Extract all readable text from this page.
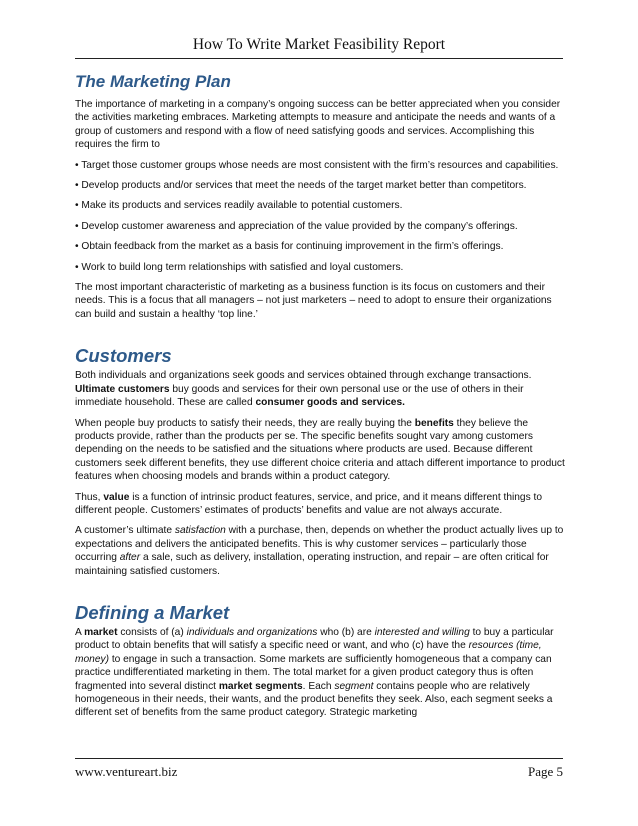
How To Write Market Feasibility Report
The Marketing Plan

The importance of marketing in a company’s ongoing success can be better appreciated when you consider the activities marketing embraces. Marketing attempts to measure and anticipate the needs and wants of a group of customers and respond with a flow of need satisfying goods and services. Accomplishing this requires the firm to

• Target those customer groups whose needs are most consistent with the firm’s resources and capabilities.

• Develop products and/or services that meet the needs of the target market better than competitors.

• Make its products and services readily available to potential customers.

• Develop customer awareness and appreciation of the value provided by the company’s offerings.

• Obtain feedback from the market as a basis for continuing improvement in the firm’s offerings.

• Work to build long term relationships with satisfied and loyal customers.

The most important characteristic of marketing as a business function is its focus on customers and their needs. This is a focus that all managers – not just marketers – need to adopt to ensure their organizations can build and sustain a healthy ‘top line.’

Customers

Both individuals and organizations seek goods and services obtained through exchange transactions. Ultimate customers buy goods and services for their own personal use or the use of others in their immediate household. These are called consumer goods and services.

When people buy products to satisfy their needs, they are really buying the benefits they believe the products provide, rather than the products per se. The specific benefits sought vary among customers depending on the needs to be satisfied and the situations where products are used. Because different customers seek different benefits, they use different choice criteria and attach different importance to product features when choosing models and brands within a product category.

Thus, value is a function of intrinsic product features, service, and price, and it means different things to different people. Customers’ estimates of products’ benefits and value are not always accurate.

A customer’s ultimate satisfaction with a purchase, then, depends on whether the product actually lives up to expectations and delivers the anticipated benefits. This is why customer services – particularly those occurring after a sale, such as delivery, installation, operating instruction, and repair – are often critical for maintaining satisfied customers.

Defining a Market

A market consists of (a) individuals and organizations who (b) are interested and willing to buy a particular product to obtain benefits that will satisfy a specific need or want, and who (c) have the resources (time, money) to engage in such a transaction. Some markets are sufficiently homogeneous that a company can practice undifferentiated marketing in them. The total market for a given product category thus is often fragmented into several distinct market segments. Each segment contains people who are relatively homogeneous in their needs, their wants, and the product benefits they seek. Also, each segment seeks a different set of benefits from the same product category. Strategic marketing

www.ventureart.biz	Page 5
